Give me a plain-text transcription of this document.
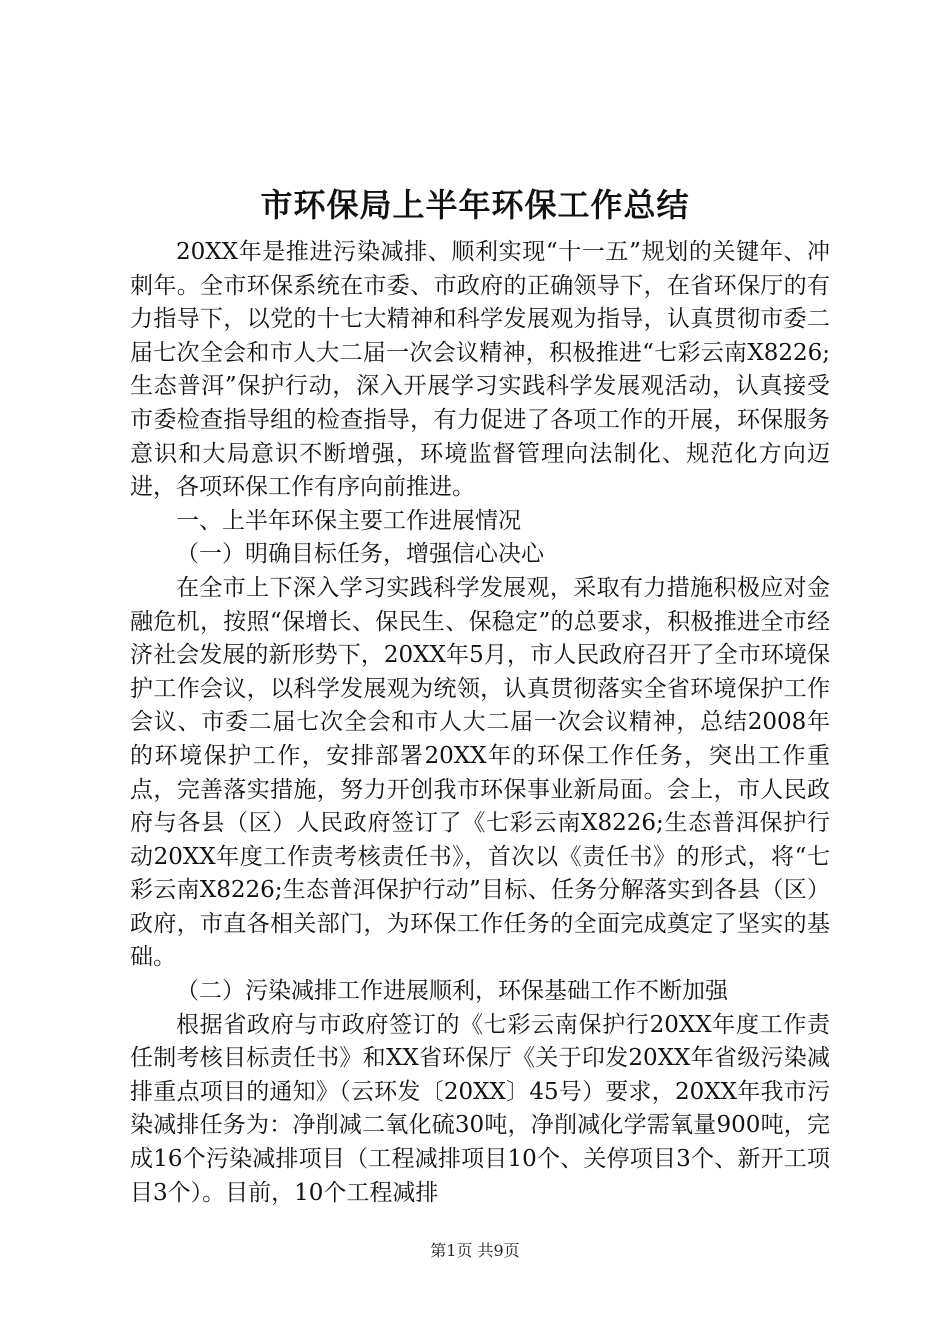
市环保局上半年环保工作总结

20XX年是推进污染减排、顺利实现“十一五”规划的关键年、冲刺年。全市环保系统在市委、市政府的正确领导下，在省环保厅的有力指导下，以党的十七大精神和科学发展观为指导，认真贯彻市委二届七次全会和市人大二届一次会议精神，积极推进“七彩云南X8226;生态普洱”保护行动，深入开展学习实践科学发展观活动，认真接受市委检查指导组的检查指导，有力促进了各项工作的开展，环保服务意识和大局意识不断增强，环境监督管理向法制化、规范化方向迈进，各项环保工作有序向前推进。

一、上半年环保主要工作进展情况

（一）明确目标任务，增强信心决心

在全市上下深入学习实践科学发展观，采取有力措施积极应对金融危机，按照“保增长、保民生、保稳定”的总要求，积极推进全市经济社会发展的新形势下，20XX年5月，市人民政府召开了全市环境保护工作会议，以科学发展观为统领，认真贯彻落实全省环境保护工作会议、市委二届七次全会和市人大二届一次会议精神，总结2008年的环境保护工作，安排部署20XX年的环保工作任务，突出工作重点，完善落实措施，努力开创我市环保事业新局面。会上，市人民政府与各县（区）人民政府签订了《七彩云南X8226;生态普洱保护行动20XX年度工作责考核责任书》，首次以《责任书》的形式，将“七彩云南X8226;生态普洱保护行动”目标、任务分解落实到各县（区）政府，市直各相关部门，为环保工作任务的全面完成奠定了坚实的基础。

（二）污染减排工作进展顺利，环保基础工作不断加强

根据省政府与市政府签订的《七彩云南保护行20XX年度工作责任制考核目标责任书》和XX省环保厅《关于印发20XX年省级污染减排重点项目的通知》（云环发〔20XX〕45号）要求，20XX年我市污染减排任务为：净削减二氧化硫30吨，净削减化学需氧量900吨，完成16个污染减排项目（工程减排项目10个、关停项目3个、新开工项目3个）。目前，10个工程减排

第1页 共9页
